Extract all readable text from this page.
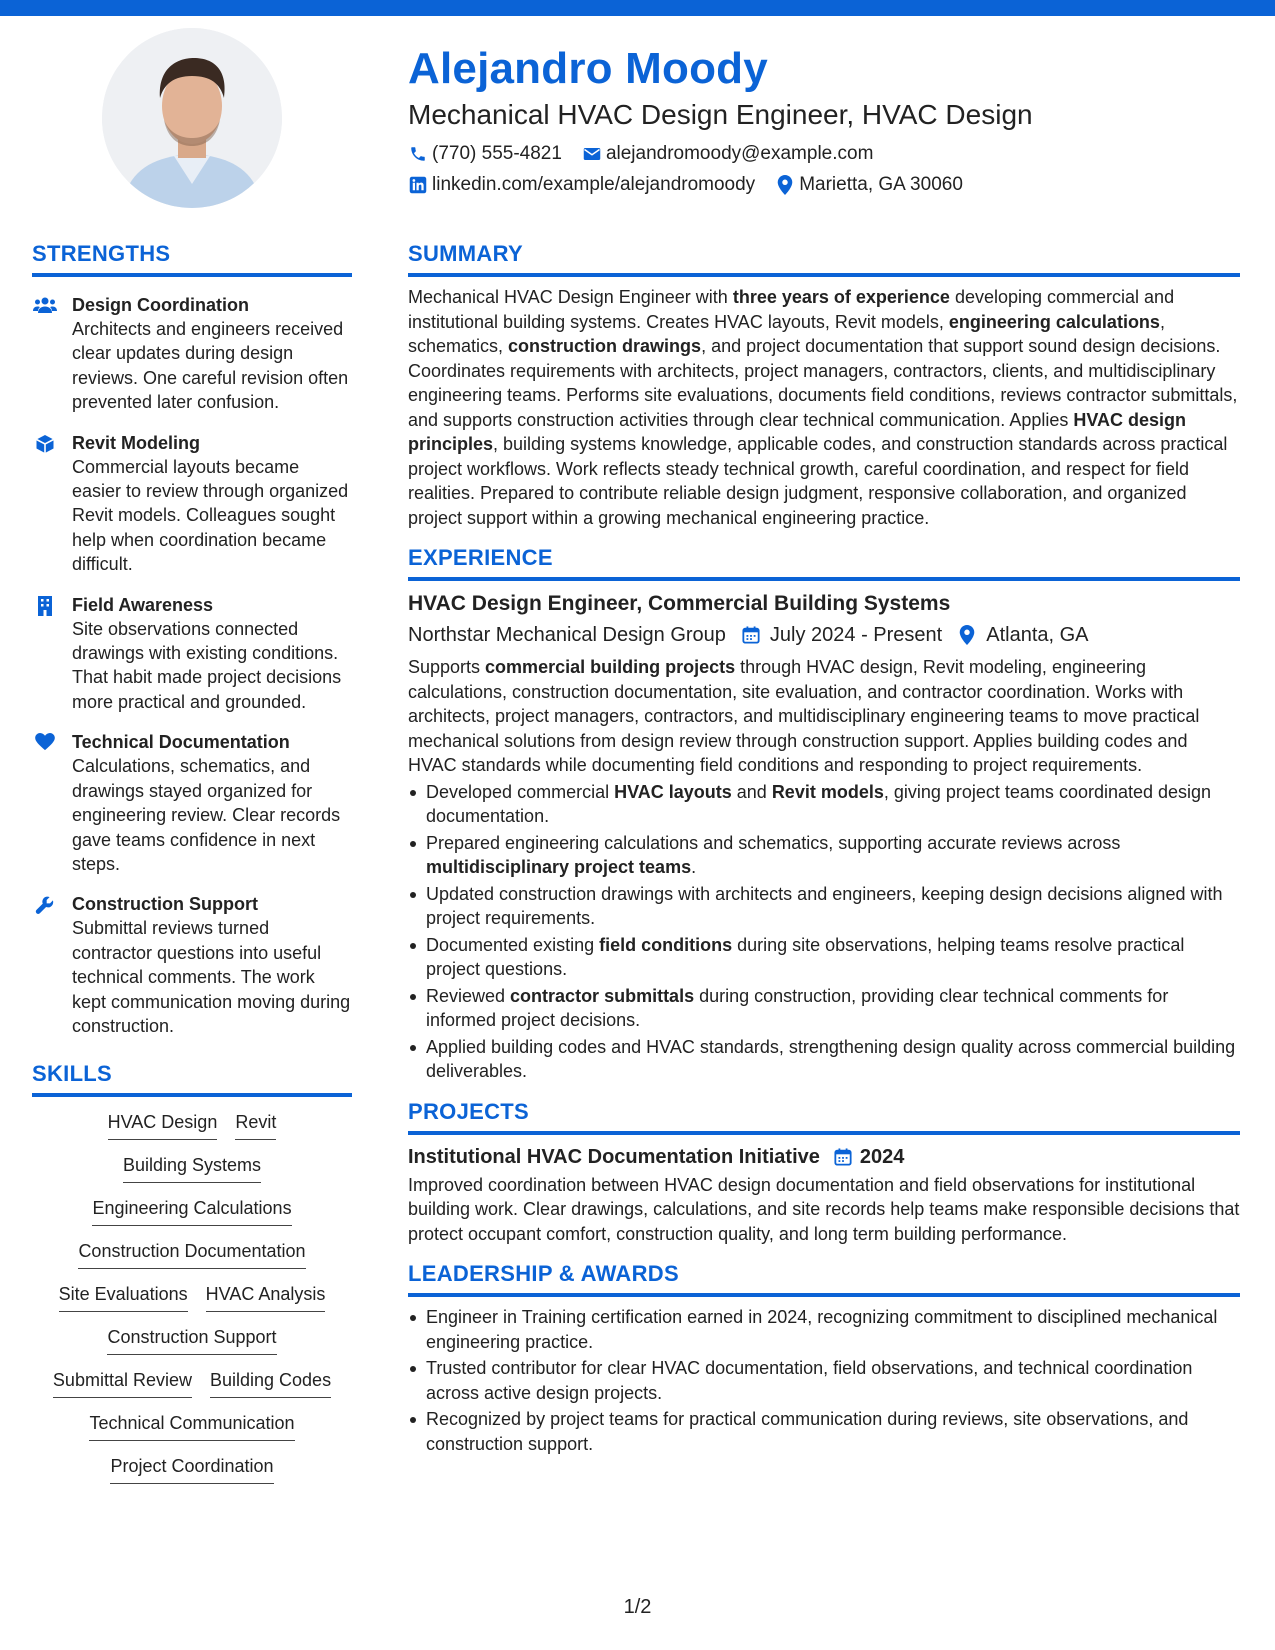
Alejandro Moody
Mechanical HVAC Design Engineer, HVAC Design
(770) 555-4821 alejandromoody@example.com
linkedin.com/example/alejandromoody Marietta, GA 30060
STRENGTHS
Design Coordination
Architects and engineers received clear updates during design reviews. One careful revision often prevented later confusion.
Revit Modeling
Commercial layouts became easier to review through organized Revit models. Colleagues sought help when coordination became difficult.
Field Awareness
Site observations connected drawings with existing conditions. That habit made project decisions more practical and grounded.
Technical Documentation
Calculations, schematics, and drawings stayed organized for engineering review. Clear records gave teams confidence in next steps.
Construction Support
Submittal reviews turned contractor questions into useful technical comments. The work kept communication moving during construction.
SKILLS
HVAC Design Revit
Building Systems
Engineering Calculations
Construction Documentation
Site Evaluations HVAC Analysis
Construction Support
Submittal Review Building Codes
Technical Communication
Project Coordination
SUMMARY
Mechanical HVAC Design Engineer with three years of experience developing commercial and institutional building systems. Creates HVAC layouts, Revit models, engineering calculations, schematics, construction drawings, and project documentation that support sound design decisions. Coordinates requirements with architects, project managers, contractors, clients, and multidisciplinary engineering teams. Performs site evaluations, documents field conditions, reviews contractor submittals, and supports construction activities through clear technical communication. Applies HVAC design principles, building systems knowledge, applicable codes, and construction standards across practical project workflows. Work reflects steady technical growth, careful coordination, and respect for field realities. Prepared to contribute reliable design judgment, responsive collaboration, and organized project support within a growing mechanical engineering practice.
EXPERIENCE
HVAC Design Engineer, Commercial Building Systems
Northstar Mechanical Design Group July 2024 - Present Atlanta, GA
Supports commercial building projects through HVAC design, Revit modeling, engineering calculations, construction documentation, site evaluation, and contractor coordination. Works with architects, project managers, contractors, and multidisciplinary engineering teams to move practical mechanical solutions from design review through construction support. Applies building codes and HVAC standards while documenting field conditions and responding to project requirements.
Developed commercial HVAC layouts and Revit models, giving project teams coordinated design documentation.
Prepared engineering calculations and schematics, supporting accurate reviews across multidisciplinary project teams.
Updated construction drawings with architects and engineers, keeping design decisions aligned with project requirements.
Documented existing field conditions during site observations, helping teams resolve practical project questions.
Reviewed contractor submittals during construction, providing clear technical comments for informed project decisions.
Applied building codes and HVAC standards, strengthening design quality across commercial building deliverables.
PROJECTS
Institutional HVAC Documentation Initiative 2024
Improved coordination between HVAC design documentation and field observations for institutional building work. Clear drawings, calculations, and site records help teams make responsible decisions that protect occupant comfort, construction quality, and long term building performance.
LEADERSHIP & AWARDS
Engineer in Training certification earned in 2024, recognizing commitment to disciplined mechanical engineering practice.
Trusted contributor for clear HVAC documentation, field observations, and technical coordination across active design projects.
Recognized by project teams for practical communication during reviews, site observations, and construction support.
1/2
